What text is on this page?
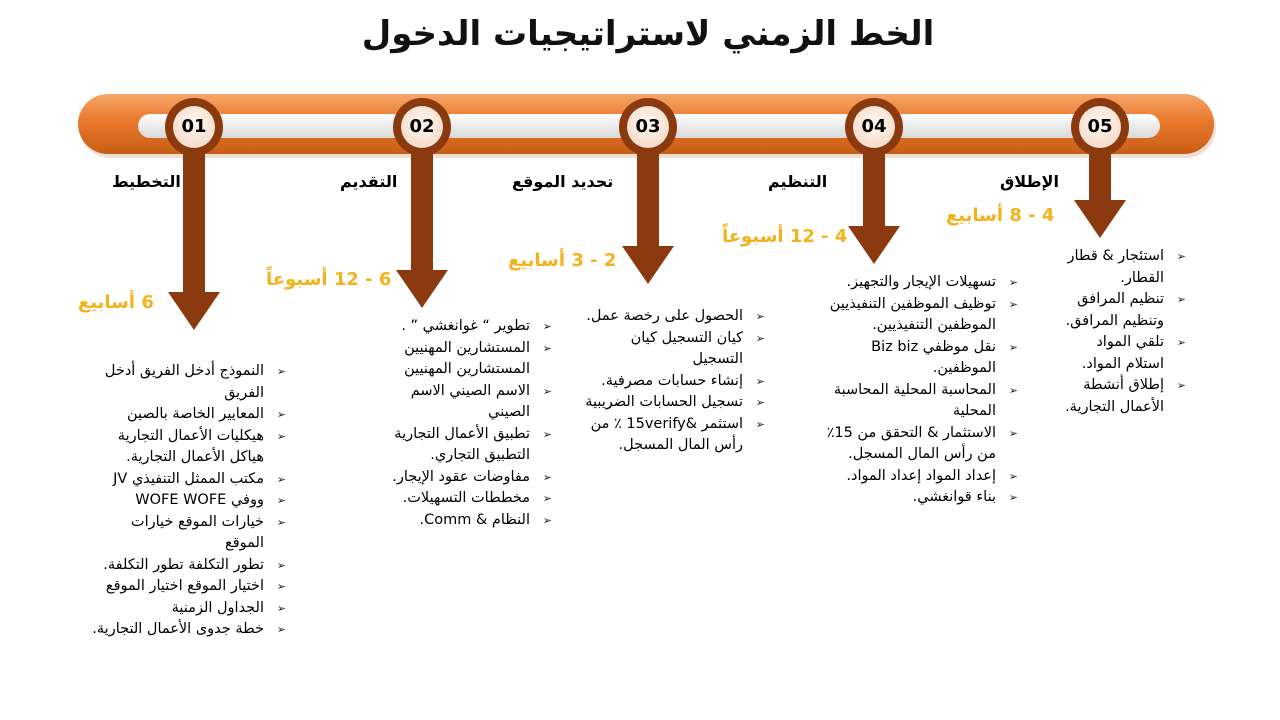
الخط الزمني لاستراتيجيات الدخول
01
التخطيط
6 أسابيع
➢ النموذج أدخل الفريق أدخل الفريق
➢ المعايير الخاصة بالصين
➢ هيكليات الأعمال التجارية هياكل الأعمال التجارية.
➢ مكتب الممثل التنفيذي JV
➢ ووفي WOFE WOFE
➢ خيارات الموقع خيارات الموقع
➢ تطور التكلفة تطور التكلفة.
➢ اختيار الموقع اختيار الموقع
➢ الجداول الزمنية
➢ خطة جدوى الأعمال التجارية.
02
التقديم
6 - 12 أسبوعاً
➢ تطوير “ غوانغشي ” .
➢ المستشارين المهنيين المستشارين المهنيين
➢ الاسم الصيني الاسم الصيني
➢ تطبيق الأعمال التجارية التطبيق التجاري.
➢ مفاوضات عقود الإيجار.
➢ مخططات التسهيلات.
➢ النظام & Comm.
03
تحديد الموقع
2 - 3 أسابيع
➢ الحصول على رخصة عمل.
➢ كيان التسجيل كيان التسجيل
➢ إنشاء حسابات مصرفية.
➢ تسجيل الحسابات الضريبية
➢ استثمر &15verify ٪ من رأس المال المسجل.
04
التنظيم
4 - 12 أسبوعاً
➢ تسهيلات الإيجار والتجهيز.
➢ توظيف الموظفين التنفيذيين الموظفين التنفيذيين.
➢ نقل موظفي Biz biz الموظفين.
➢ المحاسبة المحلية المحاسبة المحلية
➢ الاستثمار & التحقق من 15٪ من رأس المال المسجل.
➢ إعداد المواد إعداد المواد.
➢ بناء قوانغشي.
05
الإطلاق
4 - 8 أسابيع
➢ استئجار & قطار القطار.
➢ تنظيم المرافق وتنظيم المرافق.
➢ تلقي المواد استلام المواد.
➢ إطلاق أنشطة الأعمال التجارية.
